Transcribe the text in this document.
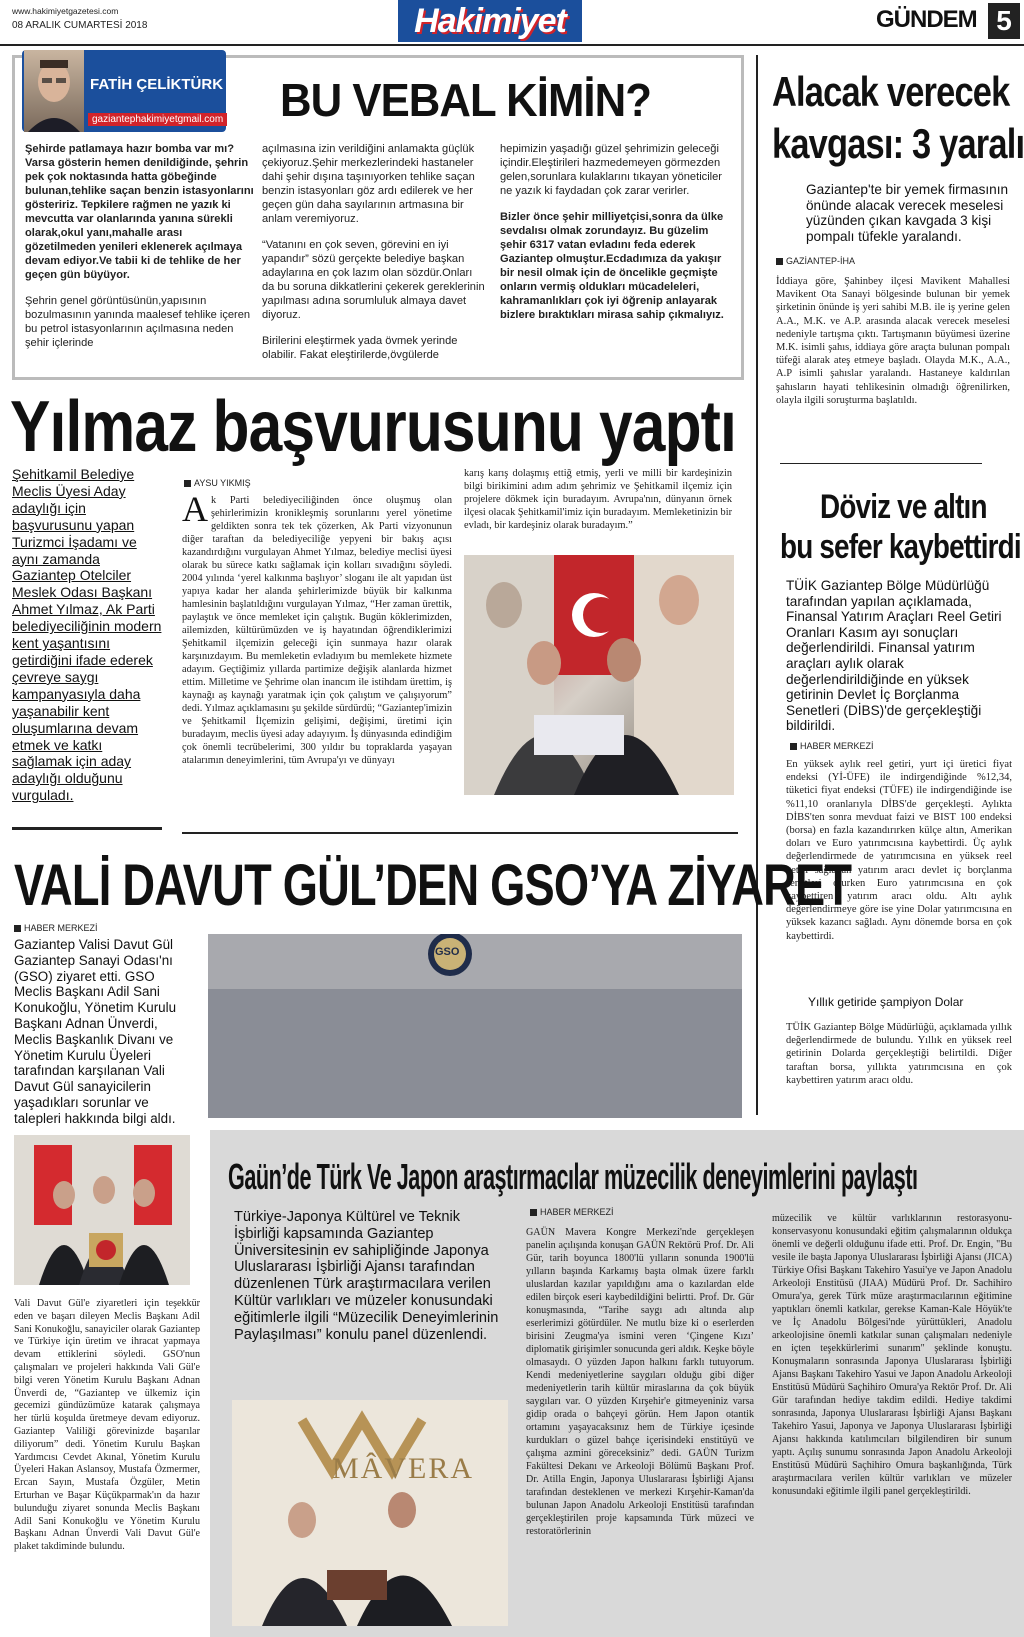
www.hakimiyetgazetesi.com
08 ARALIK CUMARTESİ 2018	Hakimiyet	GÜNDEM 5
FATİH ÇELİKTÜRK
gaziantephakimiyetgmail.com BU VEBAL KİMİN?

Şehirde patlamaya hazır bomba var mı? Varsa gösterin hemen denildiğinde, şehrin pek çok noktasında hatta göbeğinde bulunan,tehlike saçan benzin istasyonlarını gösteririz. Tepkilere rağmen ne yazık ki mevcutta var olanlarında yanına sürekli olarak,okul yanı,mahalle arası gözetilmeden yenileri eklenerek açılmaya devam ediyor.Ve tabii ki de tehlike de her geçen gün büyüyor.

Şehrin genel görüntüsünün,yapısının bozulmasının yanında maalesef tehlike içeren bu petrol istasyonlarının açılmasına neden şehir içlerinde

açılmasına izin verildiğini anlamakta güçlük çekiyoruz.Şehir merkezlerindeki hastaneler dahi şehir dışına taşınıyorken tehlike saçan benzin istasyonları göz ardı edilerek ve her geçen gün daha sayılarının artmasına bir anlam veremiyoruz.

“Vatanını en çok seven, görevini en iyi yapandır” sözü gerçekte belediye başkan adaylarına en çok lazım olan sözdür.Onları da bu soruna dikkatlerini çekerek gereklerinin yapılması adına sorumluluk almaya davet diyoruz.

Birilerini eleştirmek yada övmek yerinde olabilir. Fakat eleştirilerde,övgülerde

hepimizin yaşadığı güzel şehrimizin geleceği içindir.Eleştirileri hazmedemeyen görmezden gelen,sorunlara kulaklarını tıkayan yöneticiler ne yazık ki faydadan çok zarar verirler.

Bizler önce şehir milliyetçisi,sonra da ülke sevdalısı olmak zorundayız. Bu güzelim şehir 6317 vatan evladını feda ederek Gaziantep olmuştur.Ecdadımıza da yakışır bir nesil olmak için de öncelikle geçmişte onların vermiş oldukları mücadeleleri, kahramanlıkları çok iyi öğrenip anlayarak bizlere bıraktıkları mirasa sahip çıkmalıyız.

Alacak verecek
kavgası: 3 yaralı
Gaziantep'te bir yemek firmasının önünde alacak verecek meselesi yüzünden çıkan kavgada 3 kişi pompalı tüfekle yaralandı.
GAZİANTEP-İHA
İddiaya göre, Şahinbey ilçesi Mavikent Mahallesi Mavikent Ota Sanayi bölgesinde bulunan bir yemek şirketinin önünde iş yeri sahibi M.B. ile iş yerine gelen A.A., M.K. ve A.P. arasında alacak verecek meselesi nedeniyle tartışma çıktı. Tartışmanın büyümesi üzerine M.K. isimli şahıs, iddiaya göre araçta bulunan pompalı tüfeği alarak ateş etmeye başladı. Olayda M.K., A.A., A.P isimli şahıslar yaralandı. Hastaneye kaldırılan şahısların hayati tehlikesinin olmadığı öğrenilirken, olayla ilgili soruşturma başlatıldı.
Döviz ve altın
bu sefer kaybettirdi
TÜİK Gaziantep Bölge Müdürlüğü tarafından yapılan açıklamada, Finansal Yatırım Araçları Reel Getiri Oranları Kasım ayı sonuçları değerlendirildi. Finansal yatırım araçları aylık olarak değerlendirildiğinde en yüksek getirinin Devlet İç Borçlanma Senetleri (DİBS)'de gerçekleştiği bildirildi.
HABER MERKEZİ
En yüksek aylık reel getiri, yurt içi üretici fiyat endeksi (Yİ-ÜFE) ile indirgendiğinde %12,34, tüketici fiyat endeksi (TÜFE) ile indirgendiğinde ise %11,10 oranlarıyla DİBS'de gerçekleşti. Aylıkta DİBS'ten sonra mevduat faizi ve BIST 100 endeksi (borsa) en fazla kazandırırken külçe altın, Amerikan doları ve Euro yatırımcısına kaybettirdi. Üç aylık değerlendirmede de yatırımcısına en yüksek reel getiri sağlayan yatırım aracı devlet iç borçlanma senetleri olurken Euro yatırımcısına en çok kaybettiren yatırım aracı oldu. Altı aylık değerlendirmeye göre ise yine Dolar yatırımcısına en yüksek kazancı sağladı. Aynı dönemde borsa en çok kaybettirdi.
Yıllık getiride şampiyon Dolar
TÜİK Gaziantep Bölge Müdürlüğü, açıklamada yıllık değerlendirmede de bulundu. Yıllık en yüksek reel getirinin Dolarda gerçekleştiği belirtildi. Diğer taraftan borsa, yıllıkta yatırımcısına en çok kaybettiren yatırım aracı oldu.
Yılmaz başvurusunu yaptı

Şehitkamil Belediye Meclis Üyesi Aday adaylığı için başvurusunu yapan Turizmci İşadamı ve aynı zamanda Gaziantep Otelciler Meslek Odası Başkanı Ahmet Yılmaz, Ak Parti belediyeciliğinin modern kent yaşantısını getirdiğini ifade ederek çevreye saygı kampanyasıyla daha yaşanabilir kent oluşumlarına devam etmek ve katkı sağlamak için aday adaylığı olduğunu vurguladı.

AYSU YIKMIŞ
A k Parti belediyeciliğinden önce oluşmuş olan şehirlerimizin kronikleşmiş sorunlarını yerel yönetime geldikten sonra tek tek çözerken, Ak Parti vizyonunun diğer taraftan da belediyeciliğe yepyeni bir bakış açısı kazandırdığını vurgulayan Ahmet Yılmaz, belediye meclisi üyesi olarak bu sürece katkı sağlamak için kolları sıvadığını söyledi. 2004 yılında ‘yerel kalkınma başlıyor’ sloganı ile alt yapıdan üst yapıya kadar her alanda şehirlerimizde büyük bir kalkınma hamlesinin başlatıldığını vurgulayan Yılmaz, “Her zaman ürettik, paylaştık ve önce memleket için çalıştık. Bugün köklerimizden, ailemizden, kültürümüzden ve iş hayatından öğrendiklerimizi Şehitkamil ilçemizin geleceği için sunmaya hazır olarak karşınızdayım. Bu memleketin evladıyım bu memlekete hizmete adayım. Geçtiğimiz yıllarda partimize değişik alanlarda hizmet ettim. Milletime ve Şehrime olan inancım ile istihdam ürettim, iş kaynağı aş kaynağı yaratmak için çok çalıştım ve çalışıyorum” dedi. Yılmaz açıklamasını şu şekilde sürdürdü; “Gaziantep'imizin ve Şehitkamil İlçemizin gelişimi, değişimi, üretimi için buradayım, meclis üyesi aday adayıyım. İş dünyasında edindiğim çok önemli tecrübelerimi, 300 yıldır bu topraklarda yaşayan atalarımın deneyimlerini, tüm Avrupa'yı ve dünyayı

karış karış dolaşmış ettiğ etmiş, yerli ve milli bir kardeşinizin bilgi birikimini adım adım şehrimiz ve Şehitkamil ilçemiz için projelere dökmek için buradayım. Avrupa'nın, dünyanın örnek ilçesi olacak Şehitkamil'imiz için buradayım. Memleketinizin bir evladı, bir kardeşiniz olarak buradayım.”
VALİ DAVUT GÜL’DEN GSO’YA ZİYARET
HABER MERKEZİ
Gaziantep Valisi Davut Gül Gaziantep Sanayi Odası'nı (GSO) ziyaret etti. GSO Meclis Başkanı Adil Sani Konukoğlu, Yönetim Kurulu Başkanı Adnan Ünverdi, Meclis Başkanlık Divanı ve Yönetim Kurulu Üyeleri tarafından karşılanan Vali Davut Gül sanayicilerin yaşadıkları sorunlar ve talepleri hakkında bilgi aldı.
GSO
Vali Davut Gül'e ziyaretleri için teşekkür eden ve başarı dileyen Meclis Başkanı Adil Sani Konukoğlu, sanayiciler olarak Gaziantep ve Türkiye için üretim ve ihracat yapmaya devam ettiklerini söyledi. GSO'nun çalışmaları ve projeleri hakkında Vali Gül'e bilgi veren Yönetim Kurulu Başkanı Adnan Ünverdi de, “Gaziantep ve ülkemiz için gecemizi gündüzümüze katarak çalışmaya her türlü koşulda üretmeye devam ediyoruz. Gaziantep Valiliği görevinizde başarılar diliyorum” dedi. Yönetim Kurulu Başkan Yardımcısı Cevdet Akınal, Yönetim Kurulu Üyeleri Hakan Aslansoy, Mustafa Özmermer, Ercan Sayın, Mustafa Özgüler, Metin Erturhan ve Başar Küçükparmak'ın da hazır bulunduğu ziyaret sonunda Meclis Başkanı Adil Sani Konukoğlu ve Yönetim Kurulu Başkanı Adnan Ünverdi Vali Davut Gül'e plaket takdiminde bulundu.
Gaün’de Türk Ve Japon araştırmacılar müzecilik deneyimlerini paylaştı
Türkiye-Japonya Kültürel ve Teknik İşbirliği kapsamında Gaziantep Üniversitesinin ev sahipliğinde Japonya Uluslararası İşbirliği Ajansı tarafından düzenlenen Türk araştırmacılara verilen Kültür varlıkları ve müzeler konusundaki eğitimlerle ilgili “Müzecilik Deneyimlerinin Paylaşılması” konulu panel düzenlendi.
MÂVERA
HABER MERKEZİ
GAÜN Mavera Kongre Merkezi'nde gerçekleşen panelin açılışında konuşan GAÜN Rektörü Prof. Dr. Ali Gür, tarih boyunca 1800'lü yılların sonunda 1900'lü yılların başında Karkamış başta olmak üzere farklı uluslardan kazılar yapıldığını ama o kazılardan elde edilen birçok eseri kaybedildiğini belirtti. Prof. Dr. Gür konuşmasında, “Tarihe saygı adı altında alıp eserlerimizi götürdüler. Ne mutlu bize ki o eserlerden birisini Zeugma'ya ismini veren ‘Çingene Kızı’ diplomatik girişimler sonucunda geri aldık. Keşke böyle olmasaydı. O yüzden Japon halkını farklı tutuyorum. Kendi medeniyetlerine saygıları olduğu gibi diğer medeniyetlerin tarih kültür miraslarına da çok büyük saygıları var. O yüzden Kırşehir'e gitmeyeniniz varsa gidip orada o bahçeyi görün. Hem Japon otantik ortamını yaşayacaksınız hem de Türkiye içesinde kurdukları o güzel bahçe içerisindeki enstitüyü ve çalışma azmini göreceksiniz” dedi. GAÜN Turizm Fakültesi Dekanı ve Arkeoloji Bölümü Başkanı Prof. Dr. Atilla Engin, Japonya Uluslararası İşbirliği Ajansı tarafından desteklenen ve merkezi Kırşehir-Kaman'da bulunan Japon Anadolu Arkeoloji Enstitüsü tarafından gerçekleştirilen proje kapsamında Türk müzeci ve restoratörlerinin
müzecilik ve kültür varlıklarının restorasyonu-konservasyonu konusundaki eğitim çalışmalarının oldukça önemli ve değerli olduğunu ifade etti. Prof. Dr. Engin, "Bu vesile ile başta Japonya Uluslararası İşbirliği Ajansı (JICA) Türkiye Ofisi Başkanı Takehiro Yasui'ye ve Japon Anadolu Arkeoloji Enstitüsü (JIAA) Müdürü Prof. Dr. Sachihiro Omura'ya, gerek Türk müze araştırmacılarının eğitimine yaptıkları önemli katkılar, gerekse Kaman-Kale Höyük'te ve İç Anadolu Bölgesi'nde yürüttükleri, Anadolu arkeolojisine önemli katkılar sunan çalışmaları nedeniyle en içten teşekkürlerimi sunarım" şeklinde konuştu. Konuşmaların sonrasında Japonya Uluslararası İşbirliği Ajansı Başkanı Takehiro Yasui ve Japon Anadolu Arkeoloji Enstitüsü Müdürü Saçhihiro Omura'ya Rektör Prof. Dr. Ali Gür tarafından hediye takdim edildi. Hediye takdimi sonrasında, Japonya Uluslararası İşbirliği Ajansı Başkanı Takehiro Yasui, Japonya ve Japonya Uluslararası İşbirliği Ajansı hakkında katılımcıları bilgilendiren bir sunum yaptı. Açılış sunumu sonrasında Japon Anadolu Arkeoloji Enstitüsü Müdürü Saçhihiro Omura başkanlığında, Türk araştırmacılara verilen kültür varlıkları ve müzeler konusundaki eğitimle ilgili panel gerçekleştirildi.
